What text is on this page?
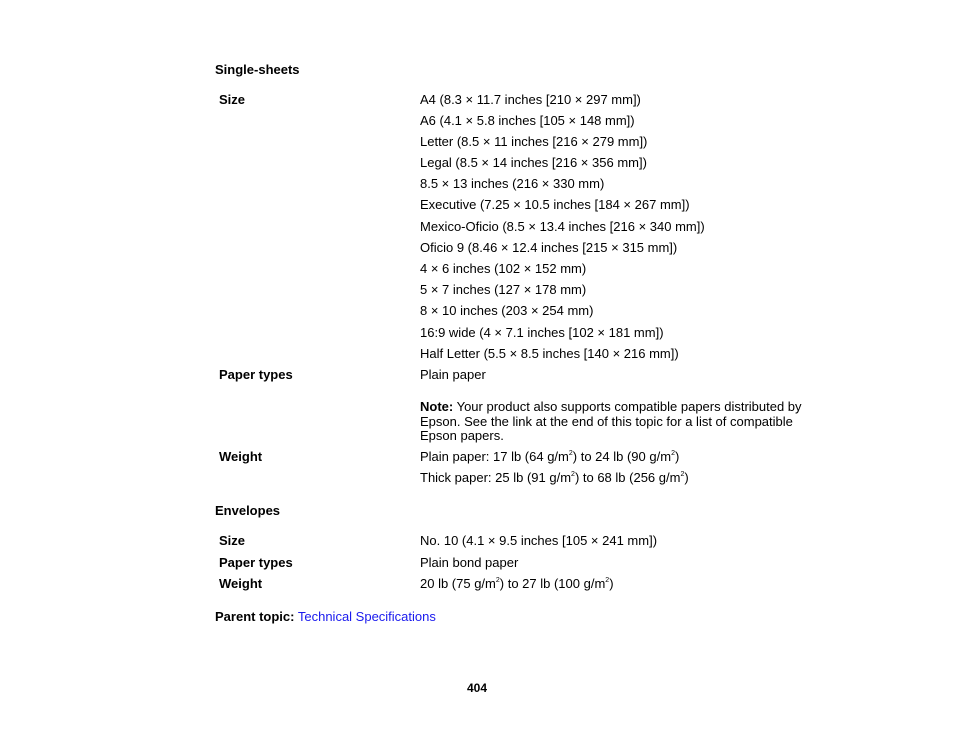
Single-sheets
Size	A4 (8.3 × 11.7 inches [210 × 297 mm])
A6 (4.1 × 5.8 inches [105 × 148 mm])
Letter (8.5 × 11 inches [216 × 279 mm])
Legal (8.5 × 14 inches [216 × 356 mm])
8.5 × 13 inches (216 × 330 mm)
Executive (7.25 × 10.5 inches [184 × 267 mm])
Mexico-Oficio (8.5 × 13.4 inches [216 × 340 mm])
Oficio 9 (8.46 × 12.4 inches [215 × 315 mm])
4 × 6 inches (102 × 152 mm)
5 × 7 inches (127 × 178 mm)
8 × 10 inches (203 × 254 mm)
16:9 wide (4 × 7.1 inches [102 × 181 mm])
Half Letter (5.5 × 8.5 inches [140 × 216 mm])
Paper types	Plain paper
Note: Your product also supports compatible papers distributed by Epson. See the link at the end of this topic for a list of compatible Epson papers.
Weight	Plain paper: 17 lb (64 $g/m^2$) to 24 lb (90 $g/m^2$)
Thick paper: 25 lb (91 $g/m^2$) to 68 lb (256 $g/m^2$)
Envelopes
Size	No. 10 (4.1 × 9.5 inches [105 × 241 mm])
Paper types	Plain bond paper
Weight	20 lb (75 $g/m^2$) to 27 lb (100 $g/m^2$)
Parent topic: Technical Specifications
404
